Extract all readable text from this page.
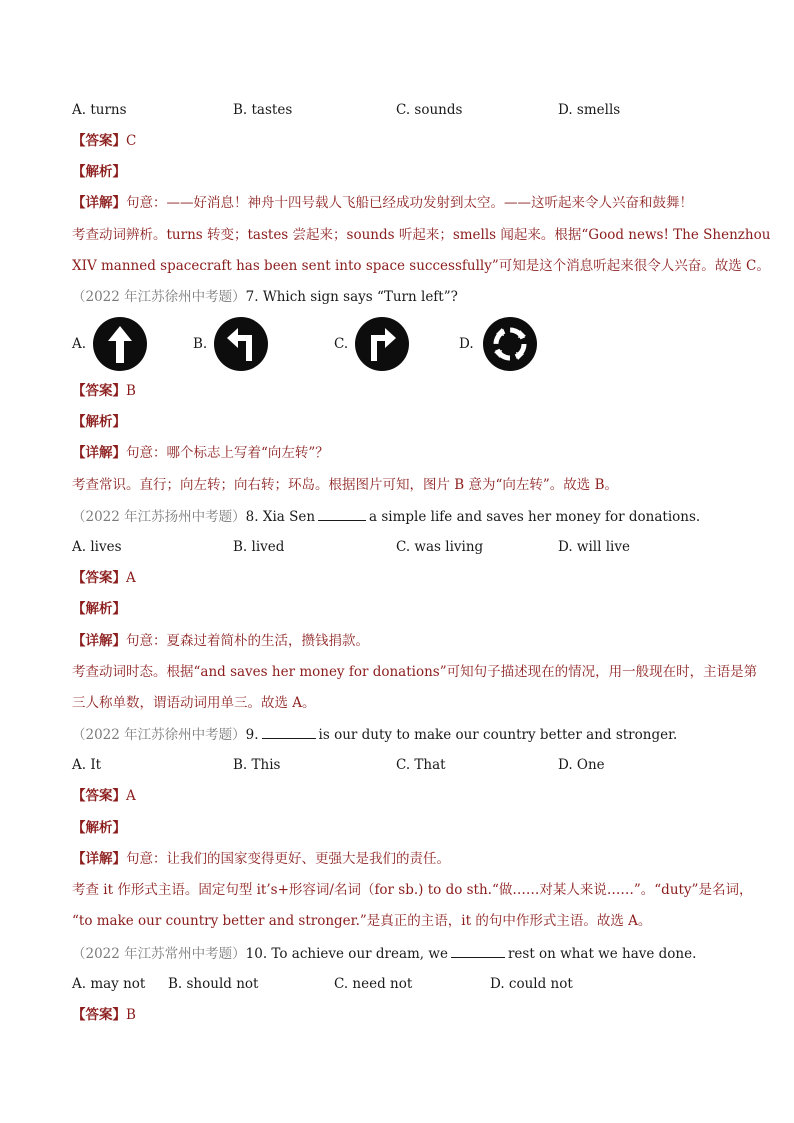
A. turns	B. tastes	C. sounds	D. smells
【答案】C
【解析】
【详解】句意：——好消息！神舟十四号载人飞船已经成功发射到太空。——这听起来令人兴奋和鼓舞！
考查动词辨析。turns 转变；tastes 尝起来；sounds 听起来；smells 闻起来。根据“Good news! The Shenzhou
XIV manned spacecraft has been sent into space successfully”可知是这个消息听起来很令人兴奋。故选 C。
（2022 年江苏徐州中考题）7. Which sign says “Turn left”?
A.	B.	C.	D.
【答案】B
【解析】
【详解】句意：哪个标志上写着“向左转”？
考查常识。直行；向左转；向右转；环岛。根据图片可知，图片 B 意为“向左转”。故选 B。
（2022 年江苏扬州中考题）8. Xia Sen	a simple life and saves her money for donations.
A. lives	B. lived	C. was living	D. will live
【答案】A
【解析】
【详解】句意：夏森过着简朴的生活，攒钱捐款。
考查动词时态。根据“and saves her money for donations”可知句子描述现在的情况，用一般现在时，主语是第
三人称单数，谓语动词用单三。故选 A。
（2022 年江苏徐州中考题）9.	is our duty to make our country better and stronger.
A. It	B. This	C. That	D. One
【答案】A
【解析】
【详解】句意：让我们的国家变得更好、更强大是我们的责任。
考查 it 作形式主语。固定句型 it’s+形容词/名词（for sb.) to do sth.“做……对某人来说……”。“duty”是名词，
“to make our country better and stronger.”是真正的主语，it 的句中作形式主语。故选 A。
（2022 年江苏常州中考题）10. To achieve our dream, we	rest on what we have done.
A. may not B. should not	C. need not	D. could not
【答案】B
